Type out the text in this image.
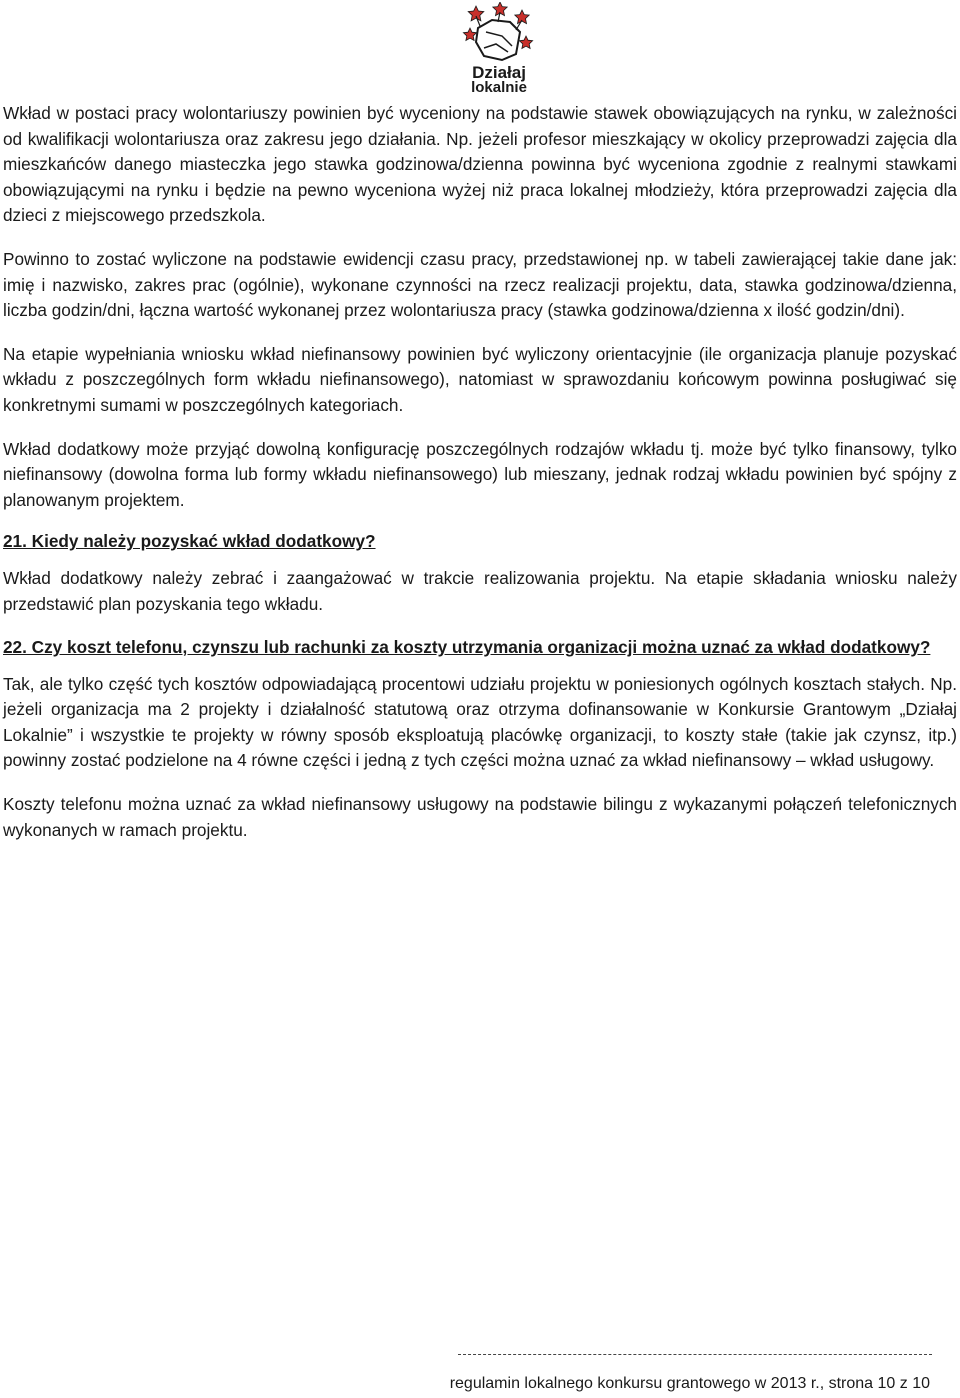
Działaj
lokalnie

Wkład w postaci pracy wolontariuszy powinien być wyceniony na podstawie stawek obowiązujących na rynku, w zależności od kwalifikacji wolontariusza oraz zakresu jego działania. Np. jeżeli profesor mieszkający w okolicy przeprowadzi zajęcia dla mieszkańców danego miasteczka jego stawka godzinowa/dzienna powinna być wyceniona zgodnie z realnymi stawkami obowiązującymi na rynku i będzie na pewno wyceniona wyżej niż praca lokalnej młodzieży, która przeprowadzi zajęcia dla dzieci z miejscowego przedszkola.

Powinno to zostać wyliczone na podstawie ewidencji czasu pracy, przedstawionej np. w tabeli zawierającej takie dane jak: imię i nazwisko, zakres prac (ogólnie), wykonane czynności na rzecz realizacji projektu, data, stawka godzinowa/dzienna, liczba godzin/dni, łączna wartość wykonanej przez wolontariusza pracy (stawka godzinowa/dzienna x ilość godzin/dni).

Na etapie wypełniania wniosku wkład niefinansowy powinien być wyliczony orientacyjnie (ile organizacja planuje pozyskać wkładu z poszczególnych form wkładu niefinansowego), natomiast w sprawozdaniu końcowym powinna posługiwać się konkretnymi sumami w poszczególnych kategoriach.

Wkład dodatkowy może przyjąć dowolną konfigurację poszczególnych rodzajów wkładu tj. może być tylko finansowy, tylko niefinansowy (dowolna forma lub formy wkładu niefinansowego) lub mieszany, jednak rodzaj wkładu powinien być spójny z planowanym projektem.

21. Kiedy należy pozyskać wkład dodatkowy?

Wkład dodatkowy należy zebrać i zaangażować w trakcie realizowania projektu. Na etapie składania wniosku należy przedstawić plan pozyskania tego wkładu.

22. Czy koszt telefonu, czynszu lub rachunki za koszty utrzymania organizacji można uznać za wkład dodatkowy?

Tak, ale tylko część tych kosztów odpowiadającą procentowi udziału projektu w poniesionych ogólnych kosztach stałych. Np. jeżeli organizacja ma 2 projekty i działalność statutową oraz otrzyma dofinansowanie w Konkursie Grantowym „Działaj Lokalnie” i wszystkie te projekty w równy sposób eksploatują placówkę organizacji, to koszty stałe (takie jak czynsz, itp.) powinny zostać podzielone na 4 równe części i jedną z tych części można uznać za wkład niefinansowy – wkład usługowy.

Koszty telefonu można uznać za wkład niefinansowy usługowy na podstawie bilingu z wykazanymi połączeń telefonicznych wykonanych w ramach projektu.

regulamin lokalnego konkursu grantowego w 2013 r., strona 10 z 10
